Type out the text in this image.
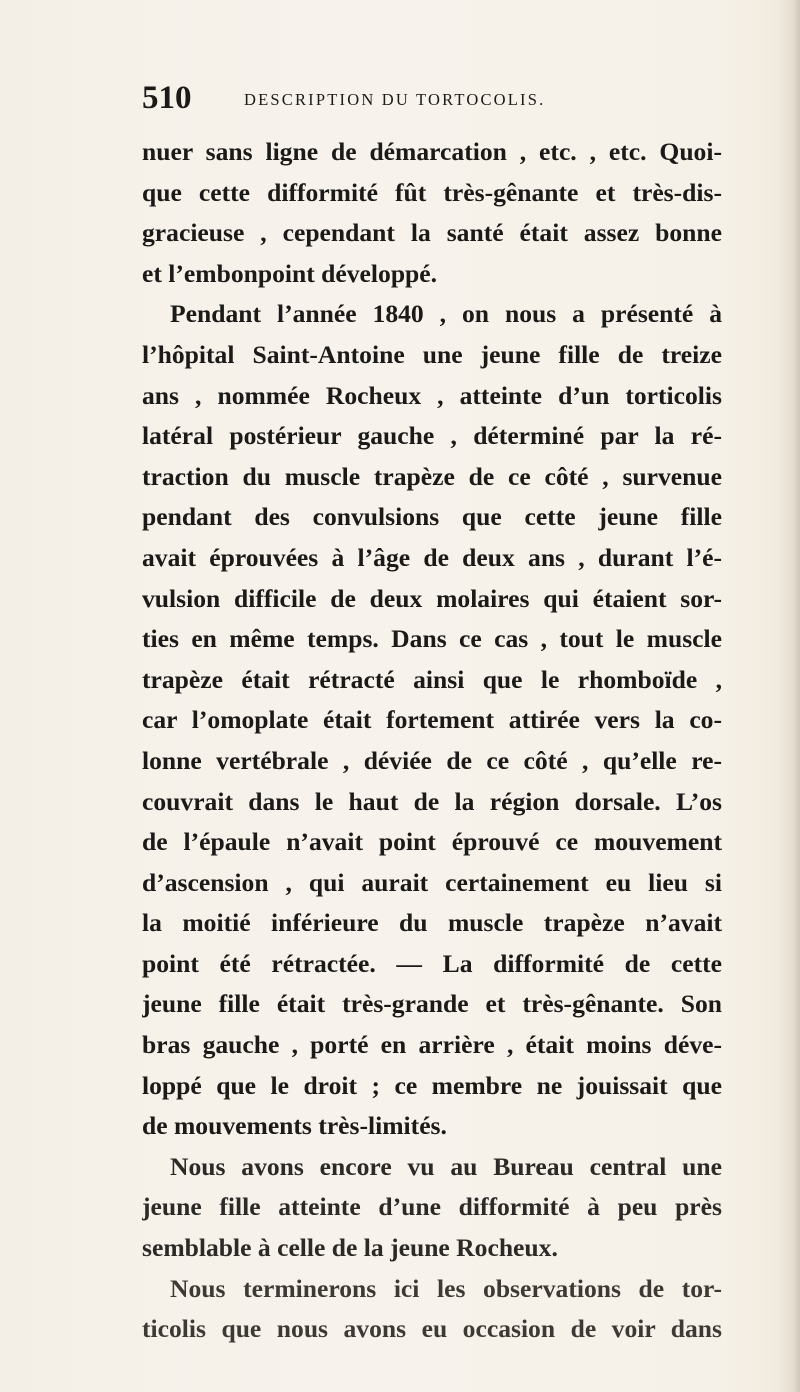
510	DESCRIPTION DU TORTOCOLIS.
nuer sans ligne de démarcation , etc. , etc. Quoi-
que cette difformité fût très-gênante et très-dis-
gracieuse , cependant la santé était assez bonne
et l’embonpoint développé.
Pendant l’année 1840 , on nous a présenté à
l’hôpital Saint-Antoine une jeune fille de treize
ans , nommée Rocheux , atteinte d’un torticolis
latéral postérieur gauche , déterminé par la ré-
traction du muscle trapèze de ce côté , survenue
pendant des convulsions que cette jeune fille
avait éprouvées à l’âge de deux ans , durant l’é-
vulsion difficile de deux molaires qui étaient sor-
ties en même temps. Dans ce cas , tout le muscle
trapèze était rétracté ainsi que le rhomboïde ,
car l’omoplate était fortement attirée vers la co-
lonne vertébrale , déviée de ce côté , qu’elle re-
couvrait dans le haut de la région dorsale. L’os
de l’épaule n’avait point éprouvé ce mouvement
d’ascension , qui aurait certainement eu lieu si
la moitié inférieure du muscle trapèze n’avait
point été rétractée. — La difformité de cette
jeune fille était très-grande et très-gênante. Son
bras gauche , porté en arrière , était moins déve-
loppé que le droit ; ce membre ne jouissait que
de mouvements très-limités.
Nous avons encore vu au Bureau central une
jeune fille atteinte d’une difformité à peu près
semblable à celle de la jeune Rocheux.
Nous terminerons ici les observations de tor-
ticolis que nous avons eu occasion de voir dans
